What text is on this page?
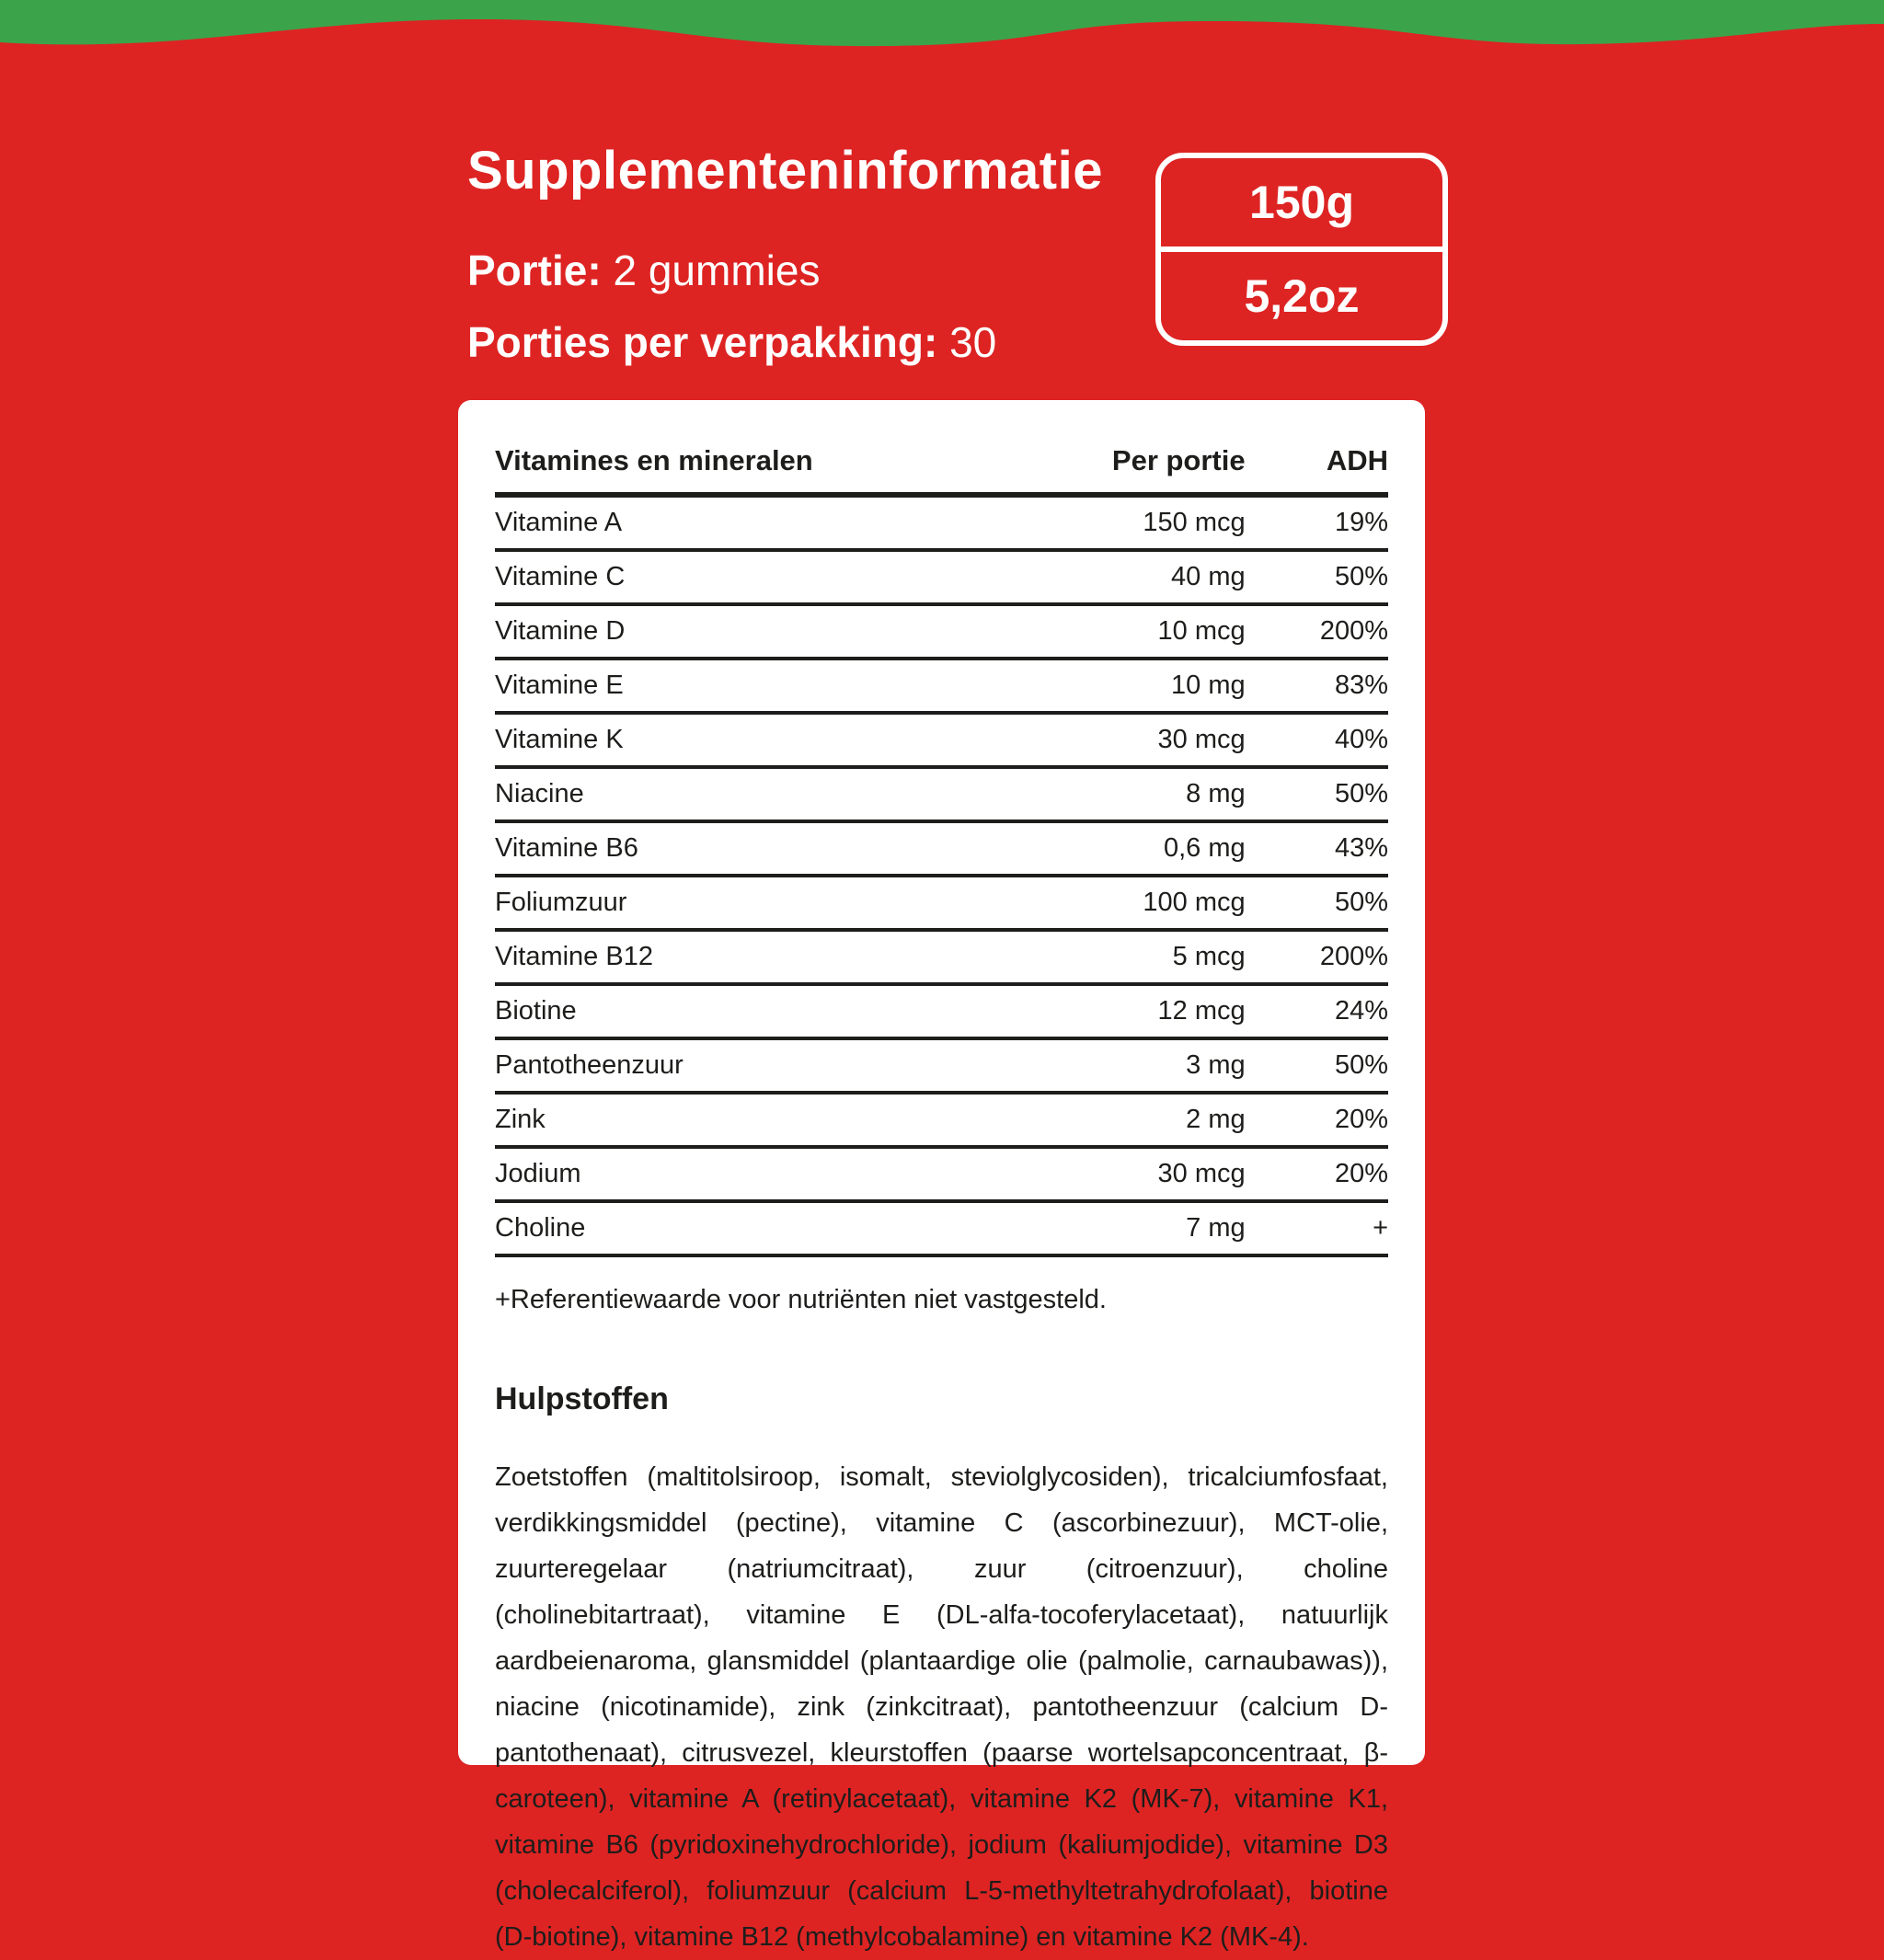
Supplementeninformatie

Portie: 2 gummies

Porties per verpakking: 30

150g
5,2oz
Vitamines en mineralen	Per portie	ADH
Vitamine A	150 mcg	19%
Vitamine C	40 mg	50%
Vitamine D	10 mcg	200%
Vitamine E	10 mg	83%
Vitamine K	30 mcg	40%
Niacine	8 mg	50%
Vitamine B6	0,6 mg	43%
Foliumzuur	100 mcg	50%
Vitamine B12	5 mcg	200%
Biotine	12 mcg	24%
Pantotheenzuur	3 mg	50%
Zink	2 mg	20%
Jodium	30 mcg	20%
Choline	7 mg	+

+Referentiewaarde voor nutriënten niet vastgesteld.

Hulpstoffen

Zoetstoffen (maltitolsiroop, isomalt, steviolglycosiden), tricalciumfosfaat, verdikkingsmiddel (pectine), vitamine C (ascorbinezuur), MCT-olie, zuurteregelaar (natriumcitraat), zuur (citroenzuur), choline (cholinebitartraat), vitamine E (DL-alfa-tocoferylacetaat), natuurlijk aardbeienaroma, glansmiddel (plantaardige olie (palmolie, carnaubawas)), niacine (nicotinamide), zink (zinkcitraat), pantotheenzuur (calcium D-pantothenaat), citrusvezel, kleurstoffen (paarse wortelsapconcentraat, β-caroteen), vitamine A (retinylacetaat), vitamine K2 (MK-7), vitamine K1, vitamine B6 (pyridoxinehydrochloride), jodium (kaliumjodide), vitamine D3 (cholecalciferol), foliumzuur (calcium L-5-methyltetrahydrofolaat), biotine (D-biotine), vitamine B12 (methylcobalamine) en vitamine K2 (MK-4).
